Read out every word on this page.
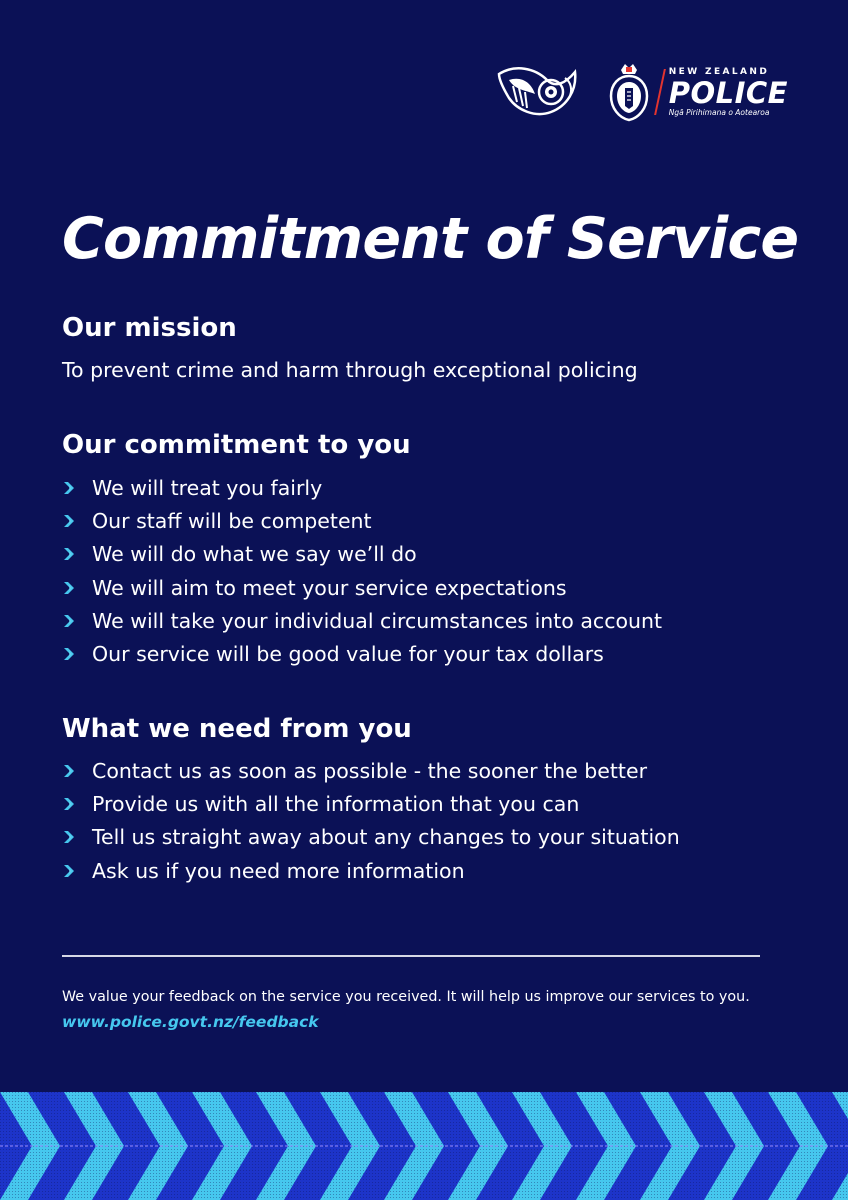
NEW ZEALAND
POLICE
Ngā Pirihimana o Aotearoa
Commitment of Service
Our mission

To prevent crime and harm through exceptional policing

Our commitment to you
We will treat you fairly
Our staff will be competent
We will do what we say we’ll do
We will aim to meet your service expectations
We will take your individual circumstances into account
Our service will be good value for your tax dollars
What we need from you
Contact us as soon as possible - the sooner the better
Provide us with all the information that you can
Tell us straight away about any changes to your situation
Ask us if you need more information

We value your feedback on the service you received. It will help us improve our services to you.

www.police.govt.nz/feedback
